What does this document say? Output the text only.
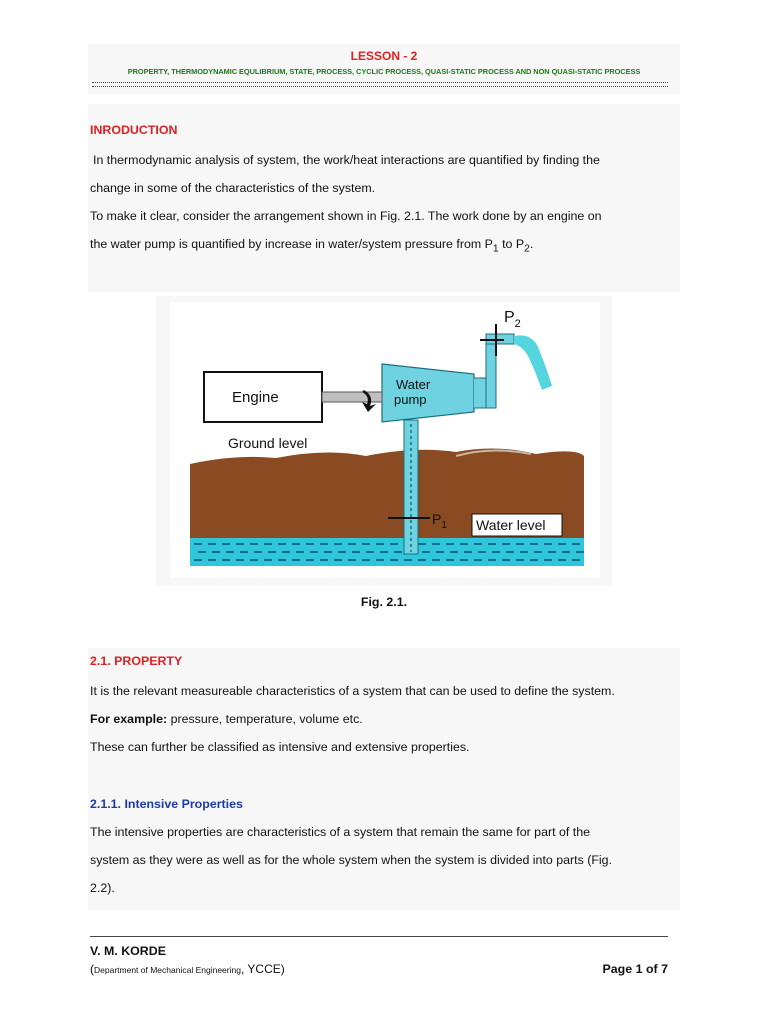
LESSON - 2
PROPERTY, THERMODYNAMIC EQULIBRIUM, STATE, PROCESS, CYCLIC PROCESS, QUASI-STATIC PROCESS AND NON QUASI-STATIC PROCESS
INRODUCTION
In thermodynamic analysis of system, the work/heat interactions are quantified by finding the
change in some of the characteristics of the system.
To make it clear, consider the arrangement shown in Fig. 2.1. The work done by an engine on
the water pump is quantified by increase in water/system pressure from $P_1$ to $P_2$.
$P_1$
Water
pump
$P_2$
Engine
Ground level
Water level
Fig. 2.1.
2.1. PROPERTY
It is the relevant measureable characteristics of a system that can be used to define the system.
For example: pressure, temperature, volume etc.
These can further be classified as intensive and extensive properties.
2.1.1. Intensive Properties
The intensive properties are characteristics of a system that remain the same for part of the
system as they were as well as for the whole system when the system is divided into parts (Fig.
2.2).
V. M. KORDE
(Department of Mechanical Engineering, YCCE)	Page 1 of 7
